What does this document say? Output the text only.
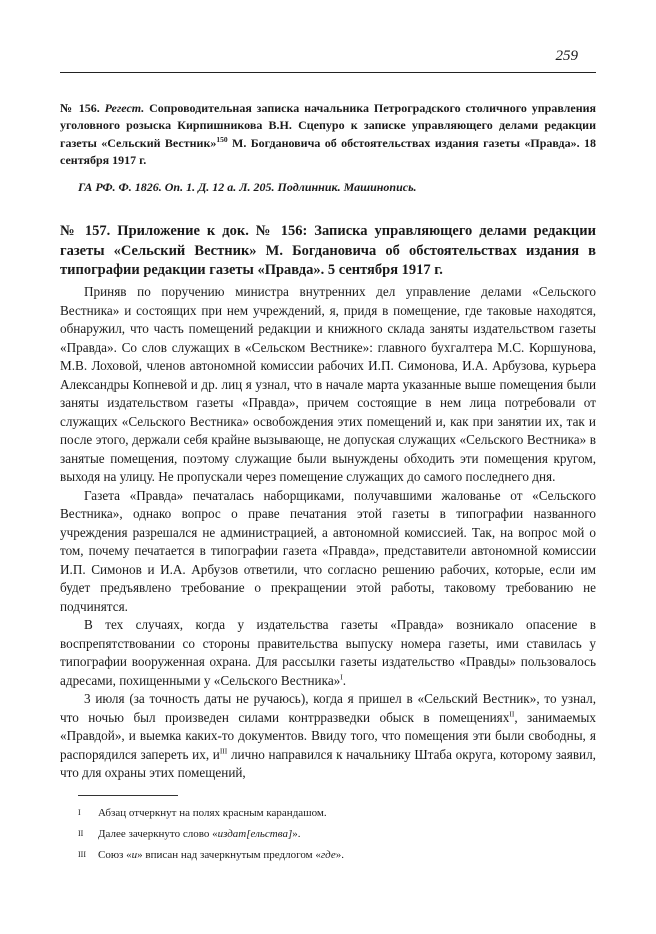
259

№ 156. Регест. Сопроводительная записка начальника Петроградского столичного управления уголовного розыска Кирпишникова В.Н. Сцепуро к записке управляющего делами редакции газеты «Сельский Вестник»$^{150}$ М. Богдановича об обстоятельствах издания газеты «Правда». 18 сентября 1917 г.

ГА РФ. Ф. 1826. Оп. 1. Д. 12 а. Л. 205. Подлинник. Машинопись.

№ 157. Приложение к док. № 156: Записка управляющего делами редакции газеты «Сельский Вестник» М. Богдановича об обстоятельствах издания в типографии редакции газеты «Правда». 5 сентября 1917 г.

Приняв по поручению министра внутренних дел управление делами «Сельского Вестника» и состоящих при нем учреждений, я, придя в помещение, где таковые находятся, обнаружил, что часть помещений редакции и книжного склада заняты издательством газеты «Правда». Со слов служащих в «Сельском Вестнике»: главного бухгалтера М.С. Коршунова, М.В. Лоховой, членов автономной комиссии рабочих И.П. Симонова, И.А. Арбузова, курьера Александры Копневой и др. лиц я узнал, что в начале марта указанные выше помещения были заняты издательством газеты «Правда», причем состоящие в нем лица потребовали от служащих «Сельского Вестника» освобождения этих помещений и, как при занятии их, так и после этого, держали себя крайне вызывающе, не допуская служащих «Сельского Вестника» в занятые помещения, поэтому служащие были вынуждены обходить эти помещения кругом, выходя на улицу. Не пропускали через помещение служащих до самого последнего дня.

Газета «Правда» печаталась наборщиками, получавшими жалованье от «Сельского Вестника», однако вопрос о праве печатания этой газеты в типографии названного учреждения разрешался не администрацией, а автономной комиссией. Так, на вопрос мой о том, почему печатается в типографии газета «Правда», представители автономной комиссии И.П. Симонов и И.А. Арбузов ответили, что согласно решению рабочих, которые, если им будет предъявлено требование о прекращении этой работы, таковому требованию не подчинятся.

В тех случаях, когда у издательства газеты «Правда» возникало опасение в воспрепятствовании со стороны правительства выпуску номера газеты, ими ставилась у типографии вооруженная охрана. Для рассылки газеты издательство «Правды» пользовалось адресами, похищенными у «Сельского Вестника»$^I$.

3 июля (за точность даты не ручаюсь), когда я пришел в «Сельский Вестник», то узнал, что ночью был произведен силами контрразведки обыск в помещениях$^{II}$, занимаемых «Правдой», и выемка каких-то документов. Ввиду того, что помещения эти были свободны, я распорядился запереть их, $и^{III}$ лично направился к начальнику Штаба округа, которому заявил, что для охраны этих помещений,

I	Абзац отчеркнут на полях красным карандашом.
II	Далее зачеркнуто слово «издат[ельства]».
III	Союз «и» вписан над зачеркнутым предлогом «где».
